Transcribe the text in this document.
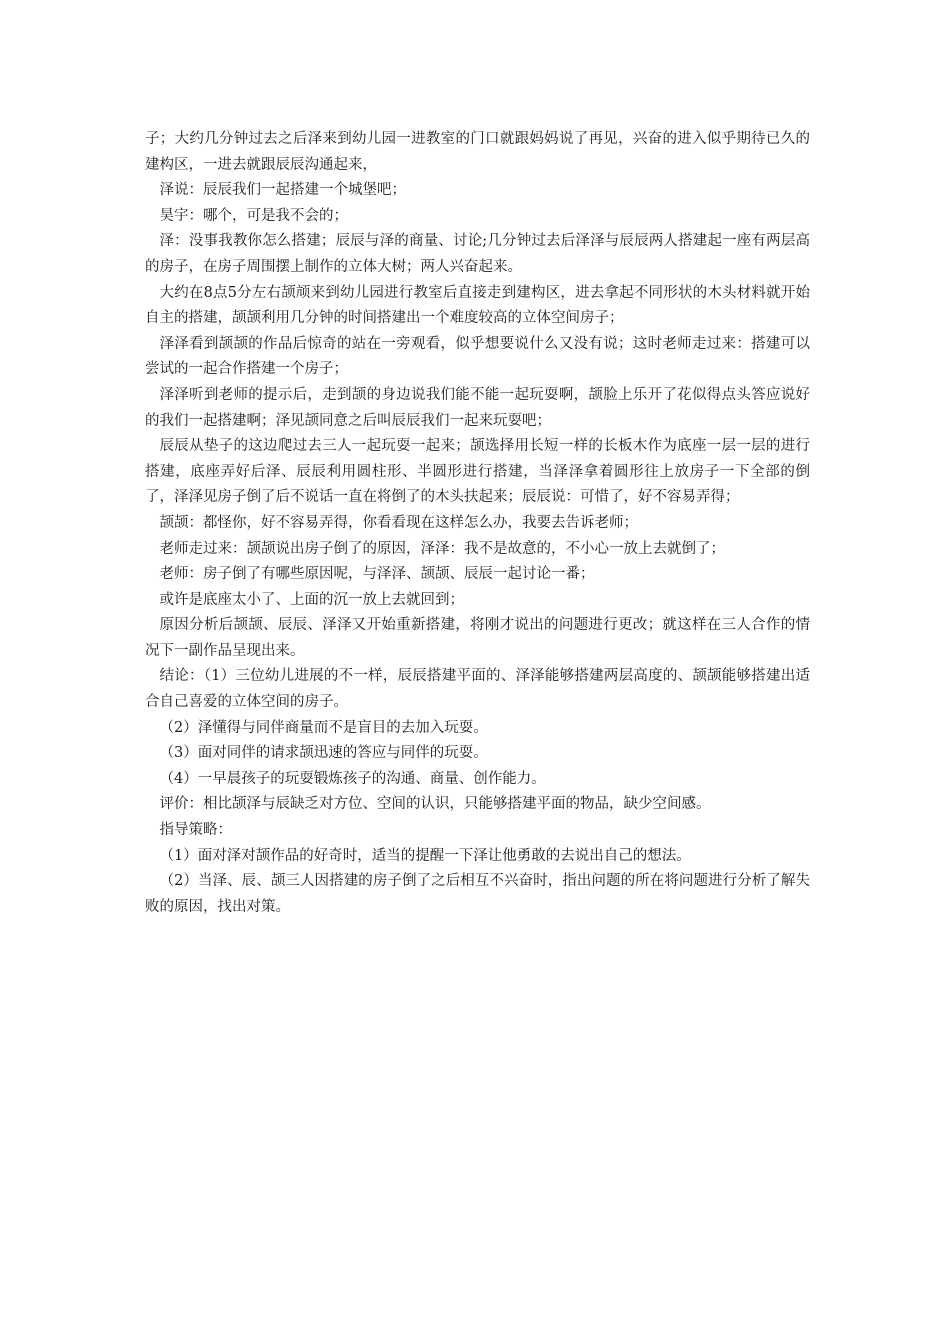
子；大约几分钟过去之后泽来到幼儿园一进教室的门口就跟妈妈说了再见，兴奋的进入似乎期待已久的建构区，一进去就跟辰辰沟通起来，

泽说：辰辰我们一起搭建一个城堡吧；

昊宇：哪个，可是我不会的；

泽：没事我教你怎么搭建；辰辰与泽的商量、讨论;几分钟过去后泽泽与辰辰两人搭建起一座有两层高的房子，在房子周围摆上制作的立体大树；两人兴奋起来。

大约在8点5分左右颉颃来到幼儿园进行教室后直接走到建构区，进去拿起不同形状的木头材料就开始自主的搭建，颉颉利用几分钟的时间搭建出一个难度较高的立体空间房子；

泽泽看到颉颉的作品后惊奇的站在一旁观看，似乎想要说什么又没有说；这时老师走过来：搭建可以尝试的一起合作搭建一个房子；

泽泽听到老师的提示后，走到颉的身边说我们能不能一起玩耍啊，颉脸上乐开了花似得点头答应说好的我们一起搭建啊；泽见颉同意之后叫辰辰我们一起来玩耍吧；

辰辰从垫子的这边爬过去三人一起玩耍一起来；颉选择用长短一样的长板木作为底座一层一层的进行搭建，底座弄好后泽、辰辰利用圆柱形、半圆形进行搭建，当泽泽拿着圆形往上放房子一下全部的倒了，泽泽见房子倒了后不说话一直在将倒了的木头扶起来；辰辰说：可惜了，好不容易弄得；

颉颉：都怪你，好不容易弄得，你看看现在这样怎么办，我要去告诉老师；

老师走过来：颉颉说出房子倒了的原因，泽泽：我不是故意的，不小心一放上去就倒了；

老师：房子倒了有哪些原因呢，与泽泽、颉颉、辰辰一起讨论一番；

或许是底座太小了、上面的沉一放上去就回到；

原因分析后颉颉、辰辰、泽泽又开始重新搭建，将刚才说出的问题进行更改；就这样在三人合作的情况下一副作品呈现出来。

结论：（1）三位幼儿进展的不一样，辰辰搭建平面的、泽泽能够搭建两层高度的、颉颉能够搭建出适合自己喜爱的立体空间的房子。

（2）泽懂得与同伴商量而不是盲目的去加入玩耍。

（3）面对同伴的请求颉迅速的答应与同伴的玩耍。

（4）一早晨孩子的玩耍锻炼孩子的沟通、商量、创作能力。

评价：相比颉泽与辰缺乏对方位、空间的认识，只能够搭建平面的物品，缺少空间感。

指导策略：

（1）面对泽对颉作品的好奇时，适当的提醒一下泽让他勇敢的去说出自己的想法。

（2）当泽、辰、颉三人因搭建的房子倒了之后相互不兴奋时，指出问题的所在将问题进行分析了解失败的原因，找出对策。
